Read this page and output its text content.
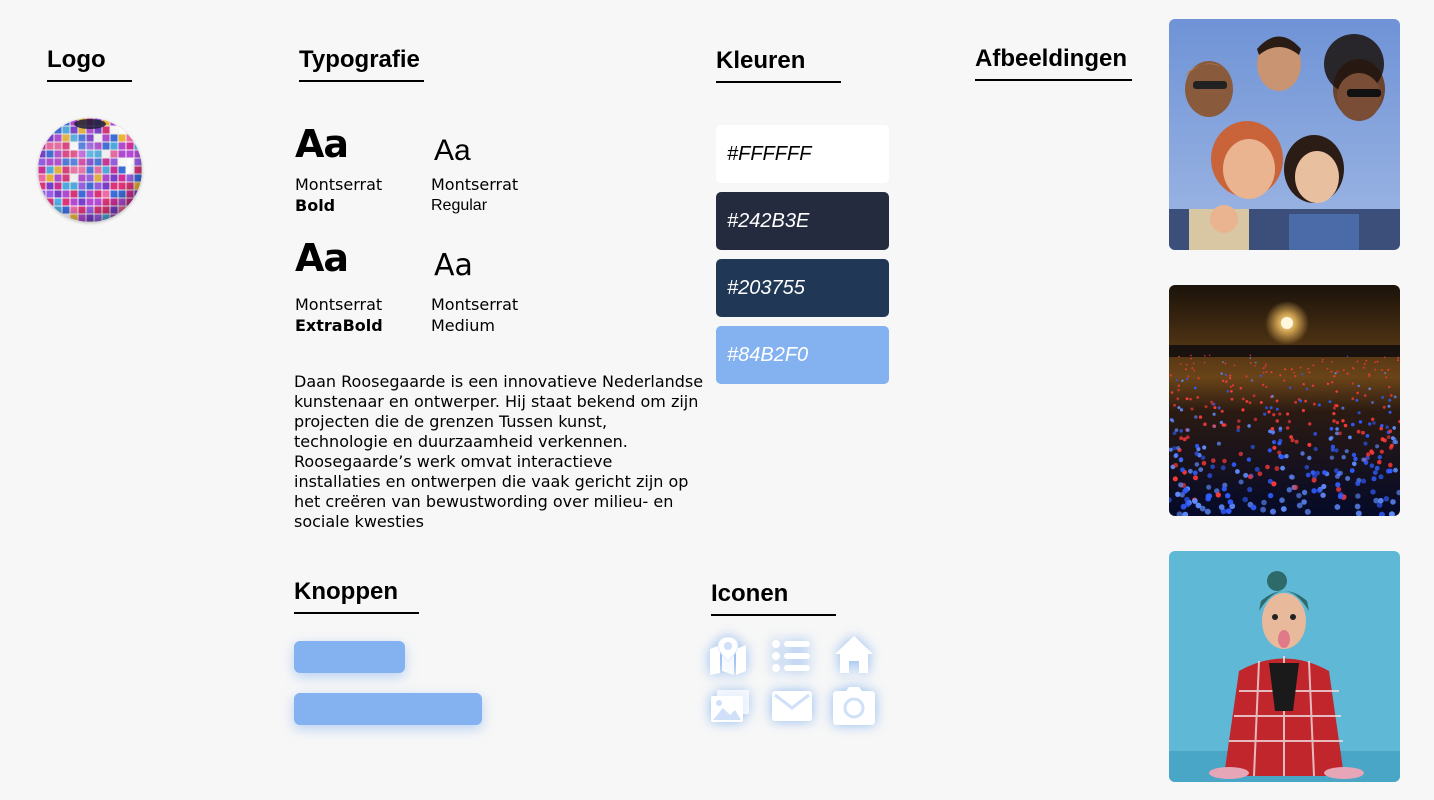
Logo	Typografie
Aa
Montserrat
Bold
Aa
Montserrat
Regular
Aa
Montserrat
ExtraBold
Aa
Montserrat
Medium

Daan Roosegaarde is een innovatieve Nederlandse kunstenaar en ontwerper. Hij staat bekend om zijn projecten die de grenzen Tussen kunst, technologie en duurzaamheid verkennen. Roosegaarde’s werk omvat interactieve installaties en ontwerpen die vaak gericht zijn op het creëren van bewustwording over milieu- en sociale kwesties

Kleuren
#FFFFFF
#242B3E
#203755
#84B2F0
Afbeeldingen
Knoppen	Iconen
